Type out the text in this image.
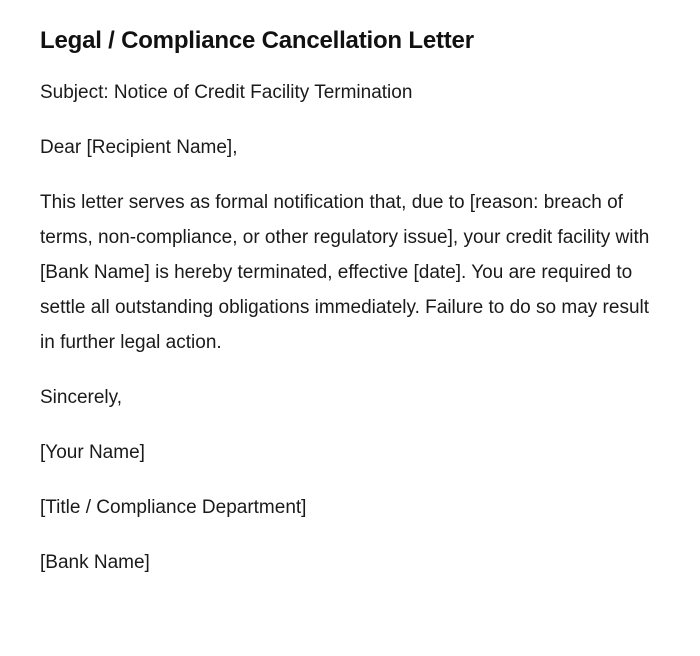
Legal / Compliance Cancellation Letter

Subject: Notice of Credit Facility Termination

Dear [Recipient Name],

This letter serves as formal notification that, due to [reason: breach of terms, non-compliance, or other regulatory issue], your credit facility with [Bank Name] is hereby terminated, effective [date]. You are required to settle all outstanding obligations immediately. Failure to do so may result in further legal action.

Sincerely,

[Your Name]

[Title / Compliance Department]

[Bank Name]
